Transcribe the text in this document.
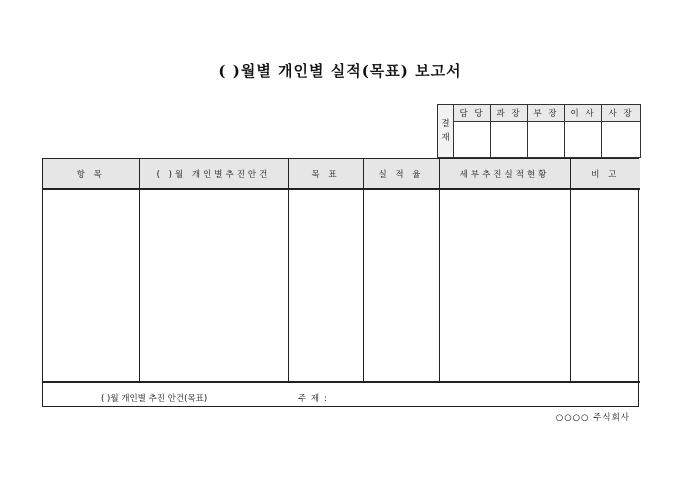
( )월별 개인별 실적(목표) 보고서
결
재	담 당	과 장	부 장	이 사	사 장

항 목	( )월 개인별추진안건	목 표	실 적 율	세부추진실적현황	비 고

( )월 개인별 추진 안건(목표)	주 제 :
○○○○ 주식회사
